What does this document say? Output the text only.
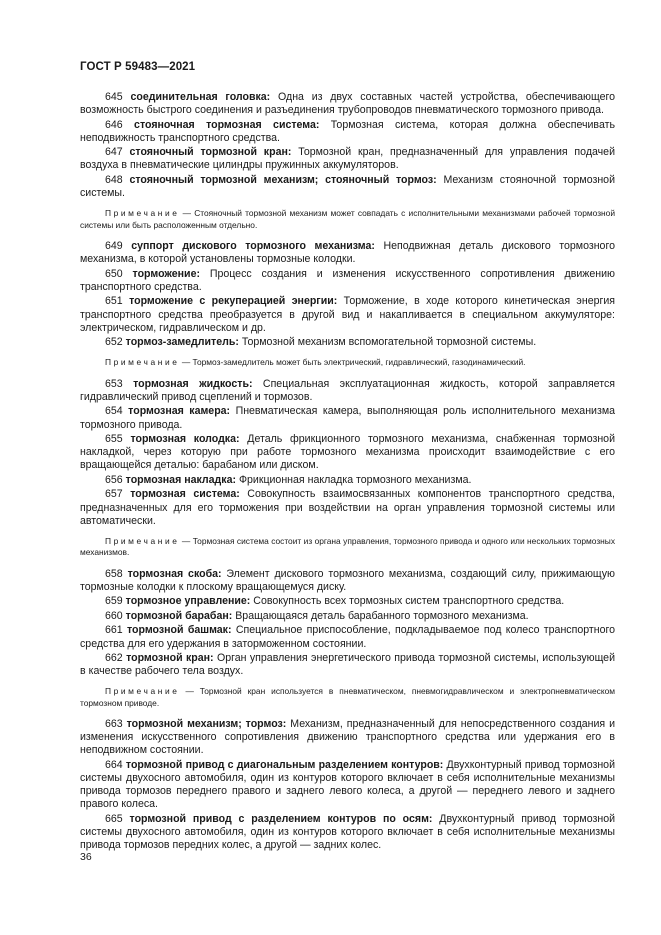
ГОСТ Р 59483—2021

645 соединительная головка: Одна из двух составных частей устройства, обеспечивающего возможность быстрого соединения и разъединения трубопроводов пневматического тормозного привода.

646 стояночная тормозная система: Тормозная система, которая должна обеспечивать неподвижность транспортного средства.

647 стояночный тормозной кран: Тормозной кран, предназначенный для управления подачей воздуха в пневматические цилиндры пружинных аккумуляторов.

648 стояночный тормозной механизм; стояночный тормоз: Механизм стояночной тормозной системы.

Примечание — Стояночный тормозной механизм может совпадать с исполнительными механизмами рабочей тормозной системы или быть расположенным отдельно.

649 суппорт дискового тормозного механизма: Неподвижная деталь дискового тормозного механизма, в которой установлены тормозные колодки.

650 торможение: Процесс создания и изменения искусственного сопротивления движению транспортного средства.

651 торможение с рекуперацией энергии: Торможение, в ходе которого кинетическая энергия транспортного средства преобразуется в другой вид и накапливается в специальном аккумуляторе: электрическом, гидравлическом и др.

652 тормоз-замедлитель: Тормозной механизм вспомогательной тормозной системы.

Примечание — Тормоз-замедлитель может быть электрический, гидравлический, газодинамический.

653 тормозная жидкость: Специальная эксплуатационная жидкость, которой заправляется гидравлический привод сцеплений и тормозов.

654 тормозная камера: Пневматическая камера, выполняющая роль исполнительного механизма тормозного привода.

655 тормозная колодка: Деталь фрикционного тормозного механизма, снабженная тормозной накладкой, через которую при работе тормозного механизма происходит взаимодействие с его вращающейся деталью: барабаном или диском.

656 тормозная накладка: Фрикционная накладка тормозного механизма.

657 тормозная система: Совокупность взаимосвязанных компонентов транспортного средства, предназначенных для его торможения при воздействии на орган управления тормозной системы или автоматически.

Примечание — Тормозная система состоит из органа управления, тормозного привода и одного или нескольких тормозных механизмов.

658 тормозная скоба: Элемент дискового тормозного механизма, создающий силу, прижимающую тормозные колодки к плоскому вращающемуся диску.

659 тормозное управление: Совокупность всех тормозных систем транспортного средства.

660 тормозной барабан: Вращающаяся деталь барабанного тормозного механизма.

661 тормозной башмак: Специальное приспособление, подкладываемое под колесо транспортного средства для его удержания в заторможенном состоянии.

662 тормозной кран: Орган управления энергетического привода тормозной системы, использующей в качестве рабочего тела воздух.

Примечание — Тормозной кран используется в пневматическом, пневмогидравлическом и электропневматическом тормозном приводе.

663 тормозной механизм; тормоз: Механизм, предназначенный для непосредственного создания и изменения искусственного сопротивления движению транспортного средства или удержания его в неподвижном состоянии.

664 тормозной привод с диагональным разделением контуров: Двухконтурный привод тормозной системы двухосного автомобиля, один из контуров которого включает в себя исполнительные механизмы привода тормозов переднего правого и заднего левого колеса, а другой — переднего левого и заднего правого колеса.

665 тормозной привод с разделением контуров по осям: Двухконтурный привод тормозной системы двухосного автомобиля, один из контуров которого включает в себя исполнительные механизмы привода тормозов передних колес, а другой — задних колес.

36
